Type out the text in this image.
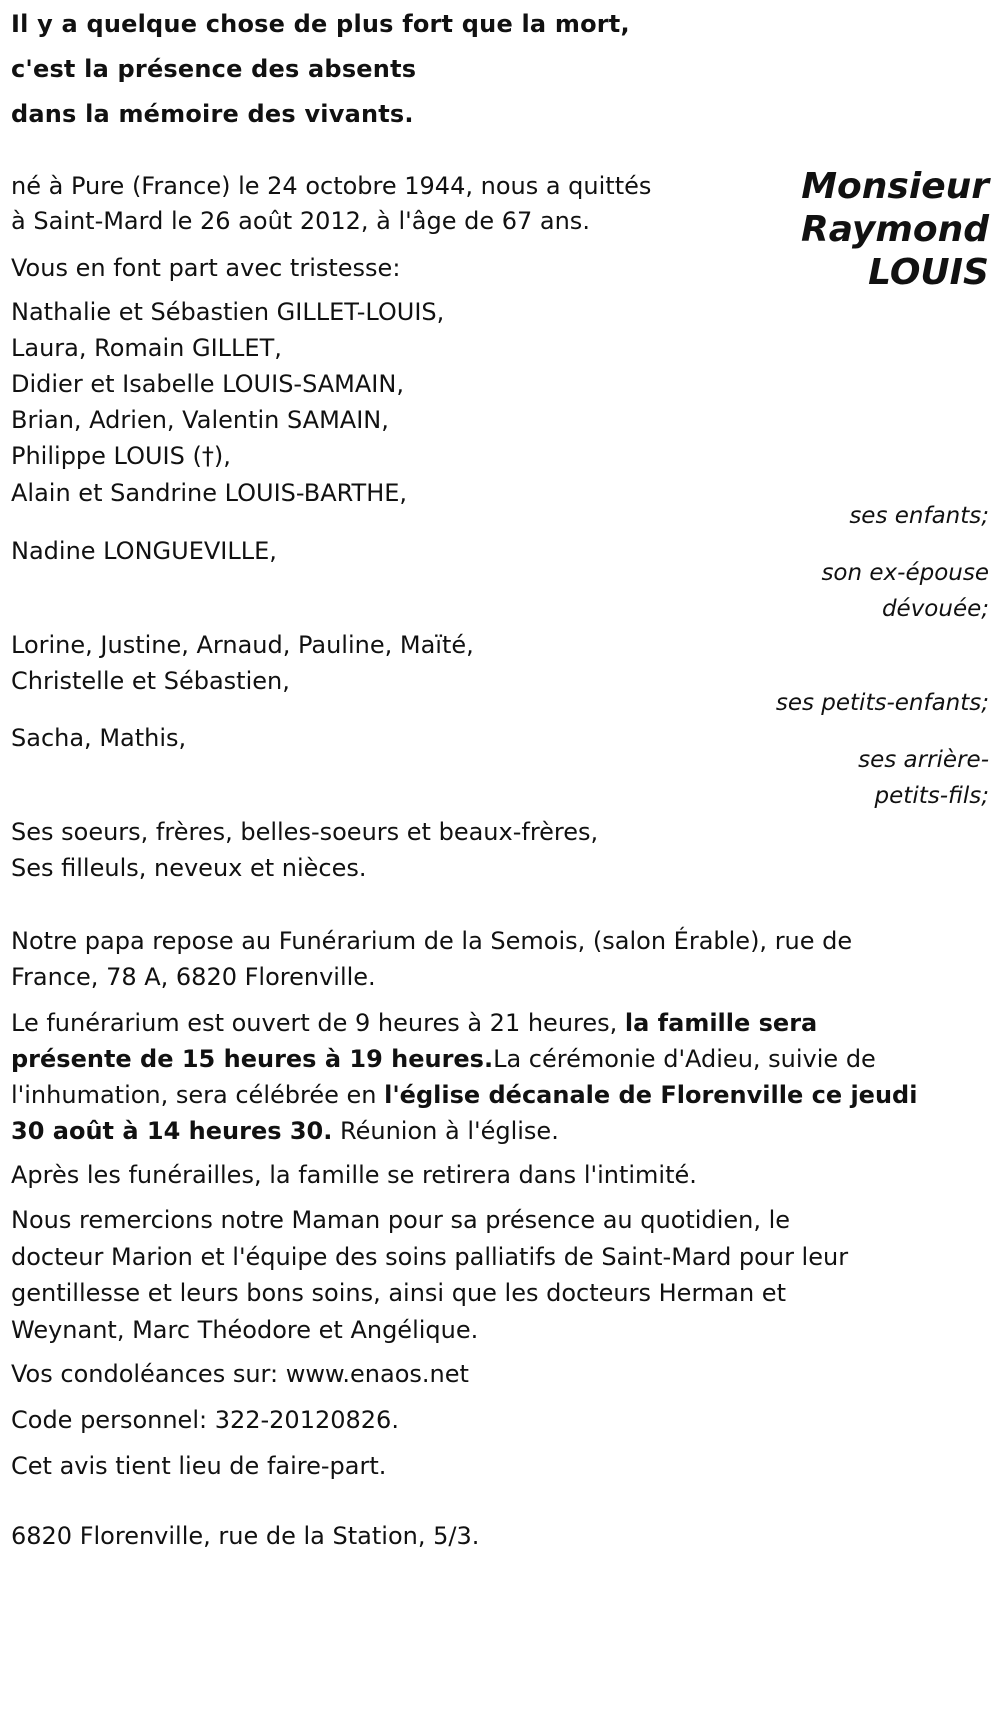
Il y a quelque chose de plus fort que la mort,
c'est la présence des absents
dans la mémoire des vivants.
Monsieur
Raymond
LOUIS
né à Pure (France) le 24 octobre 1944, nous a quittés
à Saint-Mard le 26 août 2012, à l'âge de 67 ans.
Vous en font part avec tristesse:
Nathalie et Sébastien GILLET-LOUIS,
Laura, Romain GILLET,
Didier et Isabelle LOUIS-SAMAIN,
Brian, Adrien, Valentin SAMAIN,
Philippe LOUIS (†),
Alain et Sandrine LOUIS-BARTHE,
ses enfants;
Nadine LONGUEVILLE,
son ex-épouse
dévouée;
Lorine, Justine, Arnaud, Pauline, Maïté,
Christelle et Sébastien,
ses petits-enfants;
Sacha, Mathis,
ses arrière-
petits-fils;
Ses soeurs, frères, belles-soeurs et beaux-frères,
Ses filleuls, neveux et nièces.
Notre papa repose au Funérarium de la Semois, (salon Érable), rue de
France, 78 A, 6820 Florenville.
Le funérarium est ouvert de 9 heures à 21 heures, la famille sera
présente de 15 heures à 19 heures.La cérémonie d'Adieu, suivie de
l'inhumation, sera célébrée en l'église décanale de Florenville ce jeudi
30 août à 14 heures 30. Réunion à l'église.
Après les funérailles, la famille se retirera dans l'intimité.
Nous remercions notre Maman pour sa présence au quotidien, le
docteur Marion et l'équipe des soins palliatifs de Saint-Mard pour leur
gentillesse et leurs bons soins, ainsi que les docteurs Herman et
Weynant, Marc Théodore et Angélique.
Vos condoléances sur: www.enaos.net
Code personnel: 322-20120826.
Cet avis tient lieu de faire-part.
6820 Florenville, rue de la Station, 5/3.
